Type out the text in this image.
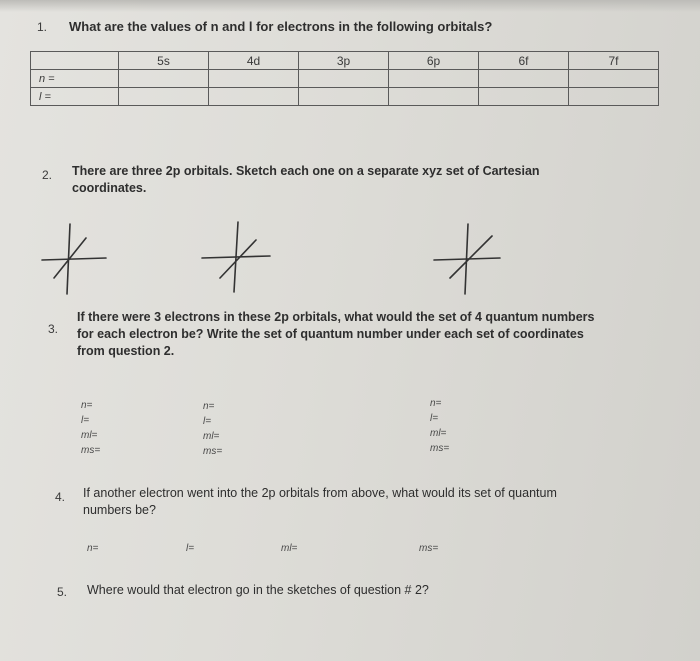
1. What are the values of n and l for electrons in the following orbitals?
	5s	4d	3p	6p	6f	7f
n =						
l =						
2. There are three 2p orbitals. Sketch each one on a separate xyz set of Cartesian
coordinates.
3.
If there were 3 electrons in these 2p orbitals, what would the set of 4 quantum numbers
for each electron be? Write the set of quantum number under each set of coordinates
from question 2.
n=
l=
ml=
ms=
n=
l=
ml=
ms=
n=
l=
ml=
ms=
4. If another electron went into the 2p orbitals from above, what would its set of quantum
numbers be?
n=	l=	ml=	ms=
5. Where would that electron go in the sketches of question # 2?
